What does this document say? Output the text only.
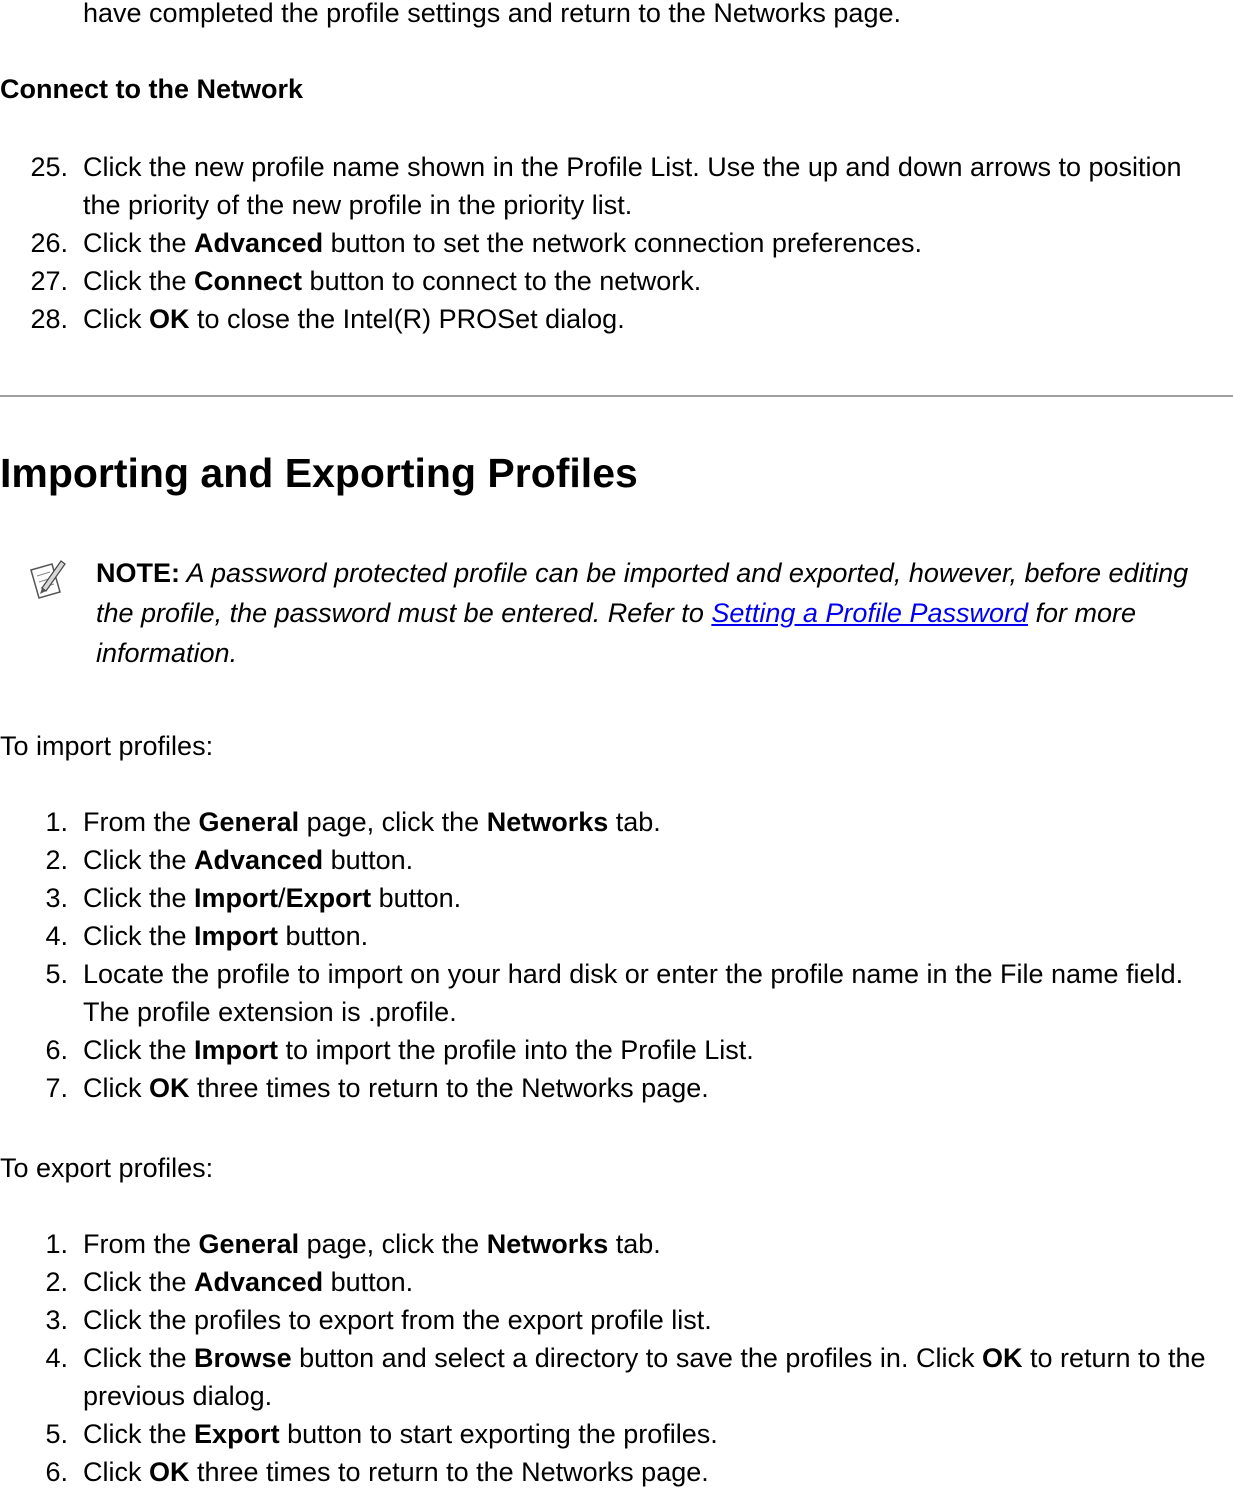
have completed the profile settings and return to the Networks page.
Connect to the Network
25. Click the new profile name shown in the Profile List. Use the up and down arrows to position the priority of the new profile in the priority list.
26. Click the Advanced button to set the network connection preferences.
27. Click the Connect button to connect to the network.
28. Click OK to close the Intel(R) PROSet dialog.
Importing and Exporting Profiles
NOTE: A password protected profile can be imported and exported, however, before editing the profile, the password must be entered. Refer to Setting a Profile Password for more information.
To import profiles:
1. From the General page, click the Networks tab.
2. Click the Advanced button.
3. Click the Import/Export button.
4. Click the Import button.
5. Locate the profile to import on your hard disk or enter the profile name in the File name field. The profile extension is .profile.
6. Click the Import to import the profile into the Profile List.
7. Click OK three times to return to the Networks page.
To export profiles:
1. From the General page, click the Networks tab.
2. Click the Advanced button.
3. Click the profiles to export from the export profile list.
4. Click the Browse button and select a directory to save the profiles in. Click OK to return to the previous dialog.
5. Click the Export button to start exporting the profiles.
6. Click OK three times to return to the Networks page.
